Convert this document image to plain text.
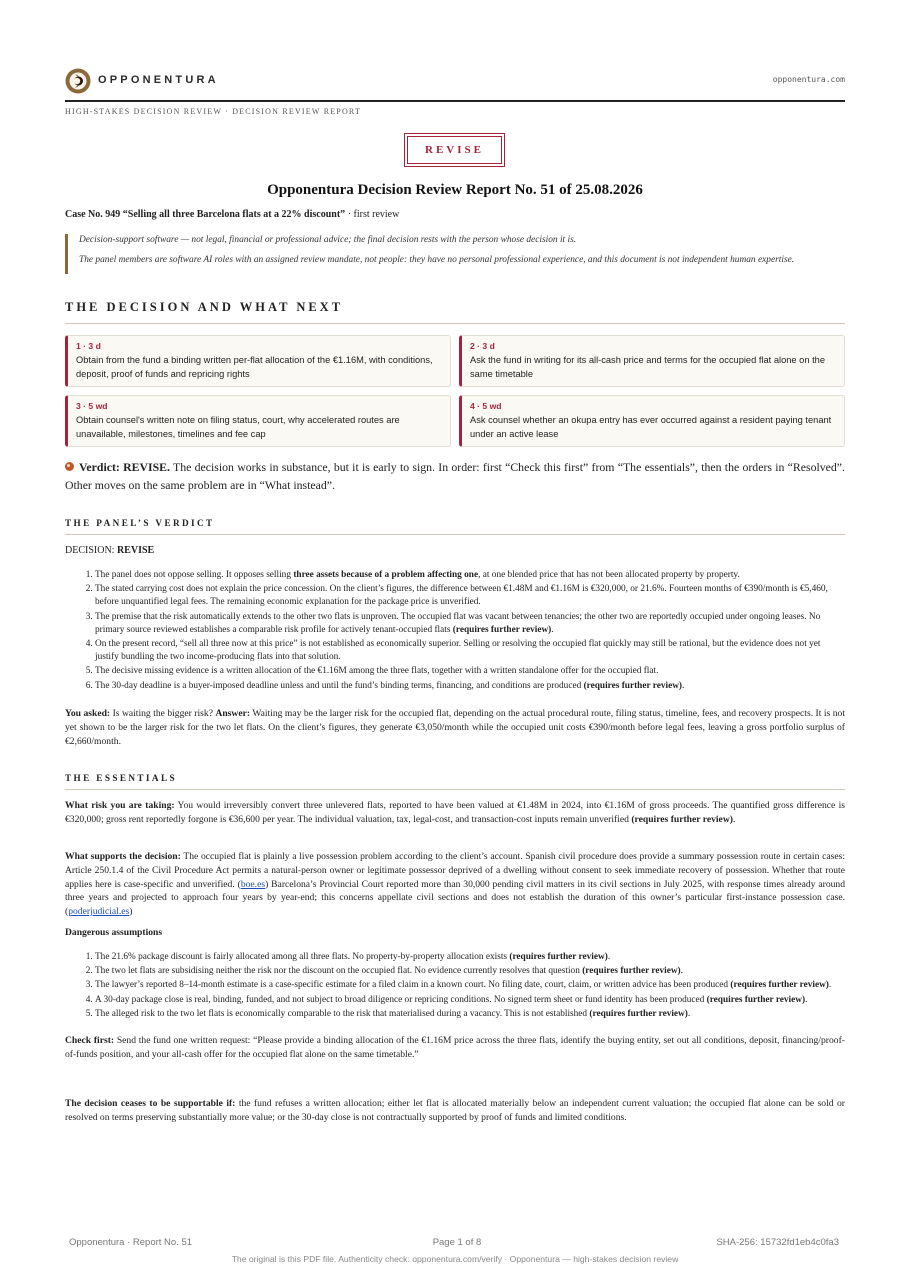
OPPONENTURA	opponentura.com
HIGH-STAKES DECISION REVIEW · DECISION REVIEW REPORT
REVISE
Opponentura Decision Review Report No. 51 of 25.08.2026
Case No. 949 “Selling all three Barcelona flats at a 22% discount” · first review

Decision-support software — not legal, financial or professional advice; the final decision rests with the person whose decision it is.

The panel members are software AI roles with an assigned review mandate, not people: they have no personal professional experience, and this document is not independent human expertise.

THE DECISION AND WHAT NEXT
1 · 3 d
Obtain from the fund a binding written per-flat allocation of the €1.16M, with conditions, deposit, proof of funds and repricing rights
2 · 3 d
Ask the fund in writing for its all-cash price and terms for the occupied flat alone on the same timetable
3 · 5 wd
Obtain counsel's written note on filing status, court, why accelerated routes are unavailable, milestones, timelines and fee cap
4 · 5 wd
Ask counsel whether an okupa entry has ever occurred against a resident paying tenant under an active lease
Verdict: REVISE. The decision works in substance, but it is early to sign. In order: first “Check this first” from “The essentials”, then the orders in “Resolved”. Other moves on the same problem are in “What instead”.
THE PANEL’S VERDICT
DECISION: REVISE
1. The panel does not oppose selling. It opposes selling three assets because of a problem affecting one, at one blended price that has not been allocated property by property.
2. The stated carrying cost does not explain the price concession. On the client’s figures, the difference between €1.48M and €1.16M is €320,000, or 21.6%. Fourteen months of €390/month is €5,460, before unquantified legal fees. The remaining economic explanation for the package price is unverified.
3. The premise that the risk automatically extends to the other two flats is unproven. The occupied flat was vacant between tenancies; the other two are reportedly occupied under ongoing leases. No primary source reviewed establishes a comparable risk profile for actively tenant-occupied flats (requires further review).
4. On the present record, “sell all three now at this price” is not established as economically superior. Selling or resolving the occupied flat quickly may still be rational, but the evidence does not yet justify bundling the two income-producing flats into that solution.
5. The decisive missing evidence is a written allocation of the €1.16M among the three flats, together with a written standalone offer for the occupied flat.
6. The 30-day deadline is a buyer-imposed deadline unless and until the fund’s binding terms, financing, and conditions are produced (requires further review).
You asked: Is waiting the bigger risk? Answer: Waiting may be the larger risk for the occupied flat, depending on the actual procedural route, filing status, timeline, fees, and recovery prospects. It is not yet shown to be the larger risk for the two let flats. On the client’s figures, they generate €3,050/month while the occupied unit costs €390/month before legal fees, leaving a gross portfolio surplus of €2,660/month.
THE ESSENTIALS
What risk you are taking: You would irreversibly convert three unlevered flats, reported to have been valued at €1.48M in 2024, into €1.16M of gross proceeds. The quantified gross difference is €320,000; gross rent reportedly forgone is €36,600 per year. The individual valuation, tax, legal-cost, and transaction-cost inputs remain unverified (requires further review).
What supports the decision: The occupied flat is plainly a live possession problem according to the client’s account. Spanish civil procedure does provide a summary possession route in certain cases: Article 250.1.4 of the Civil Procedure Act permits a natural-person owner or legitimate possessor deprived of a dwelling without consent to seek immediate recovery of possession. Whether that route applies here is case-specific and unverified. (boe.es) Barcelona’s Provincial Court reported more than 30,000 pending civil matters in its civil sections in July 2025, with response times already around three years and projected to approach four years by year-end; this concerns appellate civil sections and does not establish the duration of this owner’s particular first-instance possession case. (poderjudicial.es)
Dangerous assumptions
1. The 21.6% package discount is fairly allocated among all three flats. No property-by-property allocation exists (requires further review).
2. The two let flats are subsidising neither the risk nor the discount on the occupied flat. No evidence currently resolves that question (requires further review).
3. The lawyer’s reported 8–14-month estimate is a case-specific estimate for a filed claim in a known court. No filing date, court, claim, or written advice has been produced (requires further review).
4. A 30-day package close is real, binding, funded, and not subject to broad diligence or repricing conditions. No signed term sheet or fund identity has been produced (requires further review).
5. The alleged risk to the two let flats is economically comparable to the risk that materialised during a vacancy. This is not established (requires further review).
Check first: Send the fund one written request: “Please provide a binding allocation of the €1.16M price across the three flats, identify the buying entity, set out all conditions, deposit, financing/proof-of-funds position, and your all-cash offer for the occupied flat alone on the same timetable.”
The decision ceases to be supportable if: the fund refuses a written allocation; either let flat is allocated materially below an independent current valuation; the occupied flat alone can be sold or resolved on terms preserving substantially more value; or the 30-day close is not contractually supported by proof of funds and limited conditions.
Opponentura · Report No. 51	Page 1 of 8	SHA-256: 15732fd1eb4c0fa3
The original is this PDF file. Authenticity check: opponentura.com/verify · Opponentura — high-stakes decision review
